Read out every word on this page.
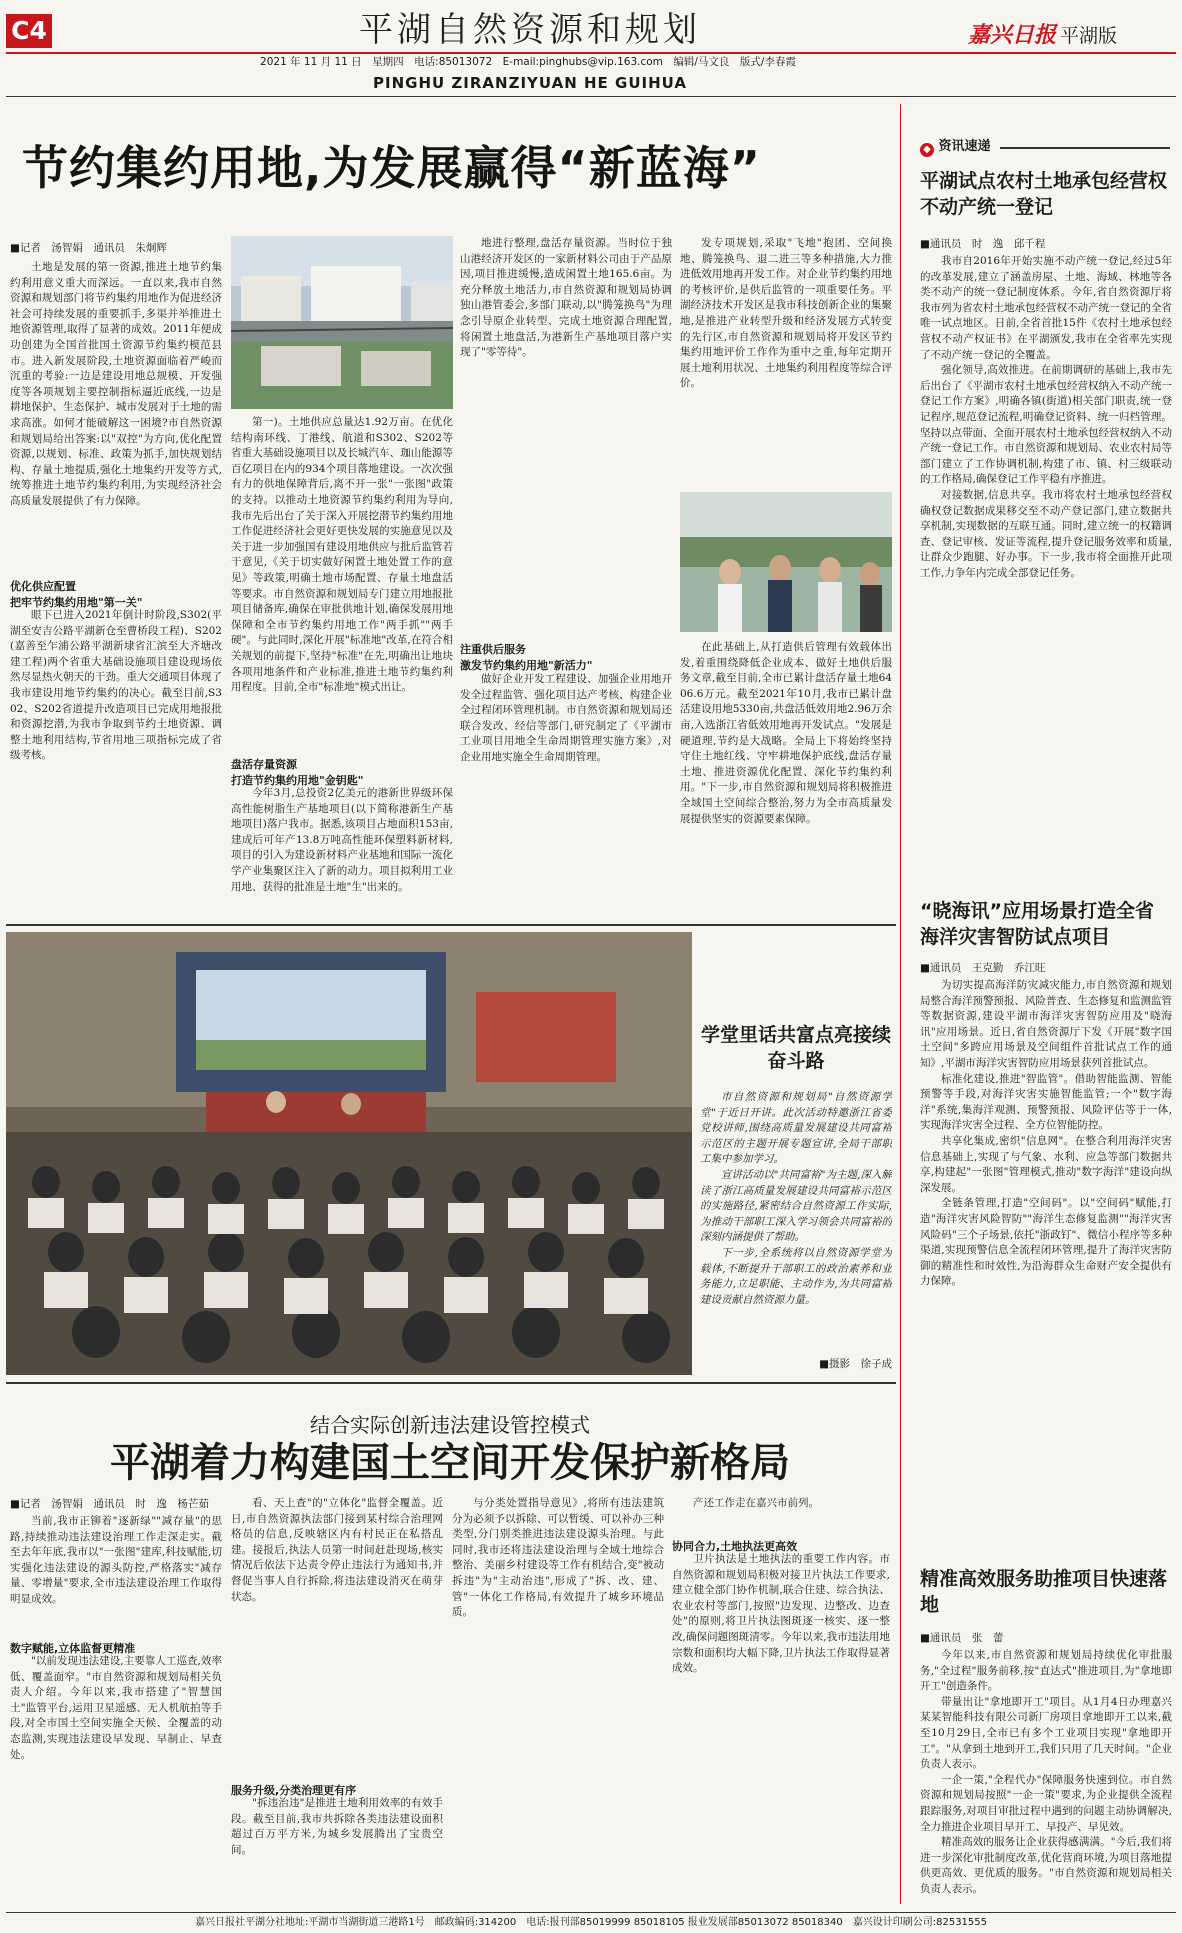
C4	平湖自然资源和规划
2021 年 11 月 11 日　星期四　电话:85013072　E-mail:pinghubs@vip.163.com　编辑/马文良　版式/李春霞
PINGHU ZIRANZIYUAN HE GUIHUA
嘉兴日报 平湖版
节约集约用地,为发展赢得“新蓝海”
■记者　汤智娟　通讯员　朱炯辉

土地是发展的第一资源,推进土地节约集约利用意义重大而深远。一直以来,我市自然资源和规划部门将节约集约用地作为促进经济社会可持续发展的重要抓手,多渠并举推进土地资源管理,取得了显著的成效。2011年便成功创建为全国首批国土资源节约集约模范县市。进入新发展阶段,土地资源面临着严峻而沉重的考验:一边是建设用地总规模、开发强度等各项规划主要控制指标逼近底线,一边是耕地保护、生态保护、城市发展对于土地的需求高涨。如何才能破解这一困境?市自然资源和规划局给出答案:以"双控"为方向,优化配置资源,以规划、标准、政策为抓手,加快规划结构、存量土地提质,强化土地集约开发等方式,统筹推进土地节约集约利用,为实现经济社会高质量发展提供了有力保障。

优化供应配置
把牢节约集约用地"第一关"

眼下已进入2021年倒计时阶段,S302(平湖至安吉公路平湖新仓至曹桥段工程)、S202(嘉善至乍浦公路平湖新埭省汇滨至大齐塘改建工程)两个省重大基础设施项目建设现场依然尽显热火朝天的干劲。重大交通项目体现了我市建设用地节约集约的决心。截至目前,S302、S202省道提升改造项目已完成用地报批和资源挖潜,为我市争取到节约土地资源、调整土地利用结构,节省用地三项指标完成了省级考核。

第一)。土地供应总量达1.92万亩。在优化结构南环线、丁港线、航道和S302、S202等省重大基础设施项目以及长城汽车、珈山能源等百亿项目在内的934个项目落地建设。一次次强有力的供地保障背后,离不开一张"一张图"政策的支持。以推动土地资源节约集约利用为导向,我市先后出台了关于深入开展挖潜节约集约用地工作促进经济社会更好更快发展的实施意见以及关于进一步加强国有建设用地供应与批后监管若干意见,《关于切实做好闲置土地处置工作的意见》等政策,明确土地市场配置、存量土地盘活等要求。市自然资源和规划局专门建立用地报批项目储备库,确保在审批供地计划,确保发展用地保障和全市节约集约用地工作"两手抓""两手硬"。与此同时,深化开展"标准地"改革,在符合相关规划的前提下,坚持"标准"在先,明确出让地块各项用地条件和产业标准,推进土地节约集约利用程度。目前,全市"标准地"模式出让。

盘活存量资源
打造节约集约用地"金钥匙"

今年3月,总投资2亿美元的港新世界级环保高性能树脂生产基地项目(以下简称港新生产基地项目)落户我市。据悉,该项目占地面积153亩,建成后可年产13.8万吨高性能环保塑料新材料,项目的引入为建设新材料产业基地和国际一流化学产业集聚区注入了新的动力。项目拟利用工业用地、获得的批准是土地"生"出来的。

地进行整理,盘活存量资源。当时位于独山港经济开发区的一家新材料公司由于产品原因,项目推进缓慢,造成闲置土地165.6亩。为充分释放土地活力,市自然资源和规划局协调独山港管委会,多部门联动,以"腾笼换鸟"为理念引导原企业转型、完成土地资源合理配置,将闲置土地盘活,为港新生产基地项目落户实现了"零等待"。

注重供后服务
激发节约集约用地"新活力"

做好企业开发工程建设、加强企业用地开发全过程监管、强化项目达产考核、构建企业全过程闭环管理机制。市自然资源和规划局还联合发改、经信等部门,研究制定了《平湖市工业项目用地全生命周期管理实施方案》,对企业用地实施全生命周期管理。

发专项规划,采取"飞地"抱团、空间换地、腾笼换鸟、退二进三等多种措施,大力推进低效用地再开发工作。对企业节约集约用地的考核评价,是供后监管的一项重要任务。平湖经济技术开发区是我市科技创新企业的集聚地,是推进产业转型升级和经济发展方式转变的先行区,市自然资源和规划局将开发区节约集约用地评价工作作为重中之重,每年定期开展土地利用状况、土地集约利用程度等综合评价。

在此基础上,从打造供后管理有效载体出发,着重围绕降低企业成本、做好土地供后服务文章,截至目前,全市已累计盘活存量土地6406.6万元。截至2021年10月,我市已累计盘活建设用地5330亩,共盘活低效用地2.96万余亩,入选浙江省低效用地再开发试点。"发展是硬道理,节约是大战略。全局上下将始终坚持守住土地红线、守牢耕地保护底线,盘活存量土地、推进资源优化配置、深化节约集约利用。"下一步,市自然资源和规划局将积极推进全域国土空间综合整治,努力为全市高质量发展提供坚实的资源要素保障。

◆ 资讯速递
平湖试点农村土地承包经营权不动产统一登记
■通讯员　时　逸　邱千程

我市自2016年开始实施不动产统一登记,经过5年的改革发展,建立了涵盖房屋、土地、海域、林地等各类不动产的统一登记制度体系。今年,省自然资源厅将我市列为省农村土地承包经营权不动产统一登记的全省唯一试点地区。日前,全省首批15件《农村土地承包经营权不动产权证书》在平湖颁发,我市在全省率先实现了不动产统一登记的全覆盖。

强化领导,高效推进。在前期调研的基础上,我市先后出台了《平湖市农村土地承包经营权纳入不动产统一登记工作方案》,明确各镇(街道)相关部门职责,统一登记程序,规范登记流程,明确登记资料、统一归档管理。坚持以点带面、全面开展农村土地承包经营权纳入不动产统一登记工作。市自然资源和规划局、农业农村局等部门建立了工作协调机制,构建了市、镇、村三级联动的工作格局,确保登记工作平稳有序推进。

对接数据,信息共享。我市将农村土地承包经营权确权登记数据成果移交至不动产登记部门,建立数据共享机制,实现数据的互联互通。同时,建立统一的权籍调查、登记审核、发证等流程,提升登记服务效率和质量,让群众少跑腿、好办事。下一步,我市将全面推开此项工作,力争年内完成全部登记任务。

“晓海讯”应用场景打造全省海洋灾害智防试点项目
■通讯员　王克勤　乔江旺

为切实提高海洋防灾减灾能力,市自然资源和规划局整合海洋预警预报、风险普查、生态修复和监测监管等数据资源,建设平湖市海洋灾害智防应用及"晓海讯"应用场景。近日,省自然资源厅下发《开展"数字国土空间"多跨应用场景及空间组件首批试点工作的通知》,平湖市海洋灾害智防应用场景获列首批试点。

标准化建设,推进"智监管"。借助智能监测、智能预警等手段,对海洋灾害实施智能监管;一个"数字海洋"系统,集海洋观测、预警预报、风险评估等于一体,实现海洋灾害全过程、全方位智能防控。

共享化集成,密织"信息网"。在整合利用海洋灾害信息基础上,实现了与气象、水利、应急等部门数据共享,构建起"一张图"管理模式,推动"数字海洋"建设向纵深发展。

全链条管理,打造"空间码"。以"空间码"赋能,打造"海洋灾害风险智防""海洋生态修复监测""海洋灾害风险码"三个子场景,依托"浙政钉"、微信小程序等多种渠道,实现预警信息全流程闭环管理,提升了海洋灾害防御的精准性和时效性,为沿海群众生命财产安全提供有力保障。

精准高效服务助推项目快速落地
■通讯员　张　蕾

今年以来,市自然资源和规划局持续优化审批服务,"全过程"服务前移,按"直达式"推进项目,为"拿地即开工"创造条件。

带量出让"拿地即开工"项目。从1月4日办理嘉兴某某智能科技有限公司新厂房项目拿地即开工以来,截至10月29日,全市已有多个工业项目实现"拿地即开工"。"从拿到土地到开工,我们只用了几天时间。"企业负责人表示。

一企一策,"全程代办"保障服务快速到位。市自然资源和规划局按照"一企一策"要求,为企业提供全流程跟踪服务,对项目审批过程中遇到的问题主动协调解决,全力推进企业项目早开工、早投产、早见效。

精准高效的服务让企业获得感满满。"今后,我们将进一步深化审批制度改革,优化营商环境,为项目落地提供更高效、更优质的服务。"市自然资源和规划局相关负责人表示。

学堂里话共富点亮接续奋斗路

市自然资源和规划局"自然资源学堂"于近日开讲。此次活动特邀浙江省委党校讲师,围绕高质量发展建设共同富裕示范区的主题开展专题宣讲,全局干部职工集中参加学习。

宣讲活动以"共同富裕"为主题,深入解读了浙江高质量发展建设共同富裕示范区的实施路径,紧密结合自然资源工作实际,为推动干部职工深入学习领会共同富裕的深刻内涵提供了帮助。

下一步,全系统将以自然资源学堂为载体,不断提升干部职工的政治素养和业务能力,立足职能、主动作为,为共同富裕建设贡献自然资源力量。

■摄影　徐子成
结合实际创新违法建设管控模式
平湖着力构建国土空间开发保护新格局
■记者　汤智娟　通讯员　时　逸　杨芒茹

当前,我市正铆着"逐新绿""减存量"的思路,持续推动违法建设治理工作走深走实。截至去年年底,我市以"一张图"建库,科技赋能,切实强化违法建设的源头防控,严格落实"减存量、零增量"要求,全市违法建设治理工作取得明显成效。

数字赋能,立体监督更精准

"以前发现违法建设,主要靠人工巡查,效率低、覆盖面窄。"市自然资源和规划局相关负责人介绍。今年以来,我市搭建了"智慧国土"监管平台,运用卫星遥感、无人机航拍等手段,对全市国土空间实施全天候、全覆盖的动态监测,实现违法建设早发现、早制止、早查处。

看、天上查"的"立体化"监督全覆盖。近日,市自然资源执法部门接到某村综合治理网格员的信息,反映辖区内有村民正在私搭乱建。接报后,执法人员第一时间赶赴现场,核实情况后依法下达责令停止违法行为通知书,并督促当事人自行拆除,将违法建设消灭在萌芽状态。

服务升级,分类治理更有序

"拆违治违"是推进土地利用效率的有效手段。截至目前,我市共拆除各类违法建设面积超过百万平方米,为城乡发展腾出了宝贵空间。

与分类处置指导意见》,将所有违法建筑分为必须予以拆除、可以暂缓、可以补办三种类型,分门别类推进违法建设源头治理。与此同时,我市还将违法建设治理与全域土地综合整治、美丽乡村建设等工作有机结合,变"被动拆违"为"主动治违",形成了"拆、改、建、管"一体化工作格局,有效提升了城乡环境品质。

产还工作走在嘉兴市前列。

协同合力,土地执法更高效

卫片执法是土地执法的重要工作内容。市自然资源和规划局积极对接卫片执法工作要求,建立健全部门协作机制,联合住建、综合执法、农业农村等部门,按照"边发现、边整改、边查处"的原则,将卫片执法图斑逐一核实、逐一整改,确保问题图斑清零。今年以来,我市违法用地宗数和面积均大幅下降,卫片执法工作取得显著成效。

嘉兴日报社平湖分社地址:平湖市当湖街道三港路1号　邮政编码:314200　电话:报刊部85019999 85018105 报业发展部85013072 85018340　嘉兴设计印刷公司:82531555
